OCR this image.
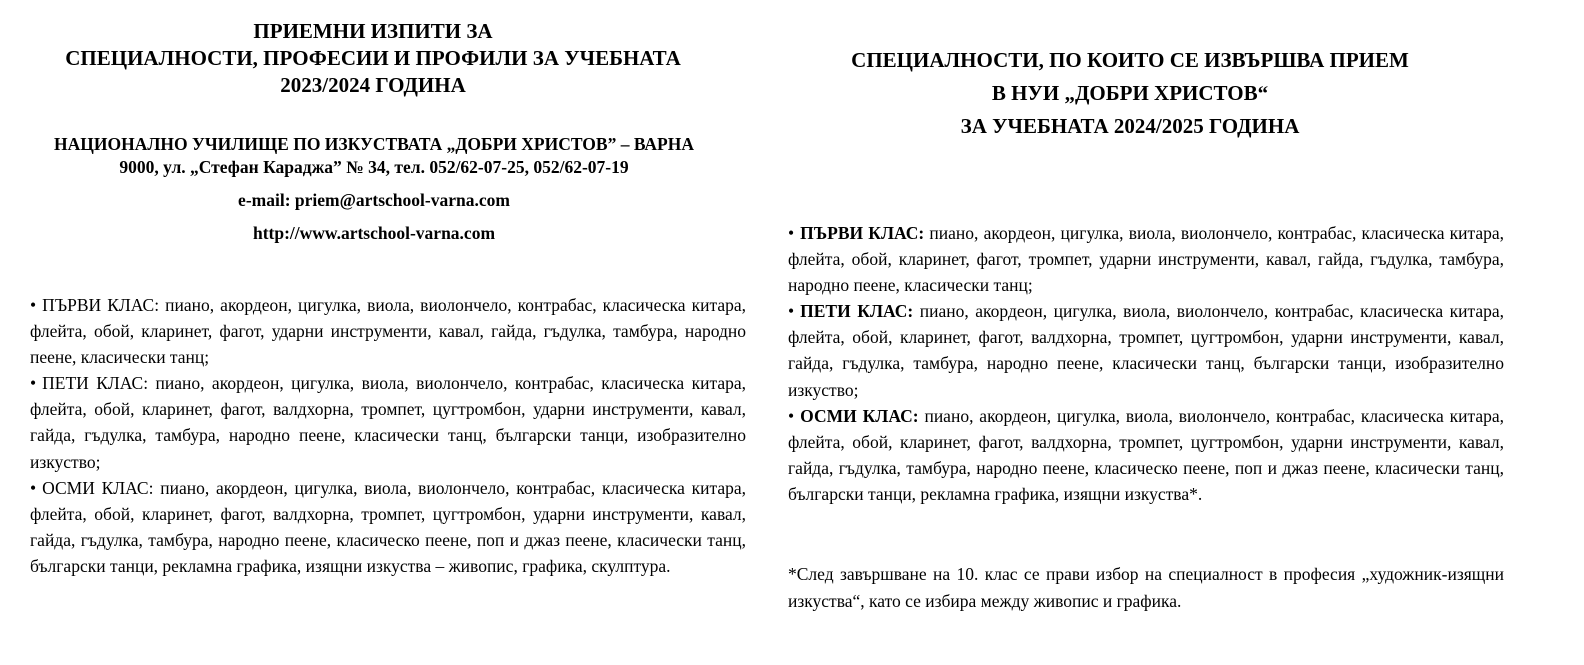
ПРИЕМНИ ИЗПИТИ ЗА
СПЕЦИАЛНОСТИ, ПРОФЕСИИ И ПРОФИЛИ ЗА УЧЕБНАТА
2023/2024 ГОДИНА
НАЦИОНАЛНО УЧИЛИЩЕ ПО ИЗКУСТВАТА „ДОБРИ ХРИСТОВ” – ВАРНА
9000, ул. „Стефан Караджа” № 34, тел. 052/62-07-25, 052/62-07-19
e-mail: priem@artschool-varna.com
http://www.artschool-varna.com
• ПЪРВИ КЛАС: пиано, акордеон, цигулка, виола, виолончело, контрабас, класическа китара, флейта, обой, кларинет, фагот, ударни инструменти, кавал, гайда, гъдулка, тамбура, народно пеене, класически танц;
• ПЕТИ КЛАС: пиано, акордеон, цигулка, виола, виолончело, контрабас, класическа китара, флейта, обой, кларинет, фагот, валдхорна, тромпет, цугтромбон, ударни инструменти, кавал, гайда, гъдулка, тамбура, народно пеене, класически танц, български танци, изобразително изкуство;
• ОСМИ КЛАС: пиано, акордеон, цигулка, виола, виолончело, контрабас, класическа китара, флейта, обой, кларинет, фагот, валдхорна, тромпет, цугтромбон, ударни инструменти, кавал, гайда, гъдулка, тамбура, народно пеене, класическо пеене, поп и джаз пеене, класически танц, български танци, рекламна графика, изящни изкуства – живопис, графика, скулптура.
СПЕЦИАЛНОСТИ, ПО КОИТО СЕ ИЗВЪРШВА ПРИЕМ
В НУИ „ДОБРИ ХРИСТОВ“
ЗА УЧЕБНАТА 2024/2025 ГОДИНА
• ПЪРВИ КЛАС: пиано, акордеон, цигулка, виола, виолончело, контрабас, класическа китара, флейта, обой, кларинет, фагот, тромпет, ударни инструменти, кавал, гайда, гъдулка, тамбура, народно пеене, класически танц;
• ПЕТИ КЛАС: пиано, акордеон, цигулка, виола, виолончело, контрабас, класическа китара, флейта, обой, кларинет, фагот, валдхорна, тромпет, цугтромбон, ударни инструменти, кавал, гайда, гъдулка, тамбура, народно пеене, класически танц, български танци, изобразително изкуство;
• ОСМИ КЛАС: пиано, акордеон, цигулка, виола, виолончело, контрабас, класическа китара, флейта, обой, кларинет, фагот, валдхорна, тромпет, цугтромбон, ударни инструменти, кавал, гайда, гъдулка, тамбура, народно пеене, класическо пеене, поп и джаз пеене, класически танц, български танци, рекламна графика, изящни изкуства*.

*След завършване на 10. клас се прави избор на специалност в професия „художник-изящни изкуства“, като се избира между живопис и графика.
